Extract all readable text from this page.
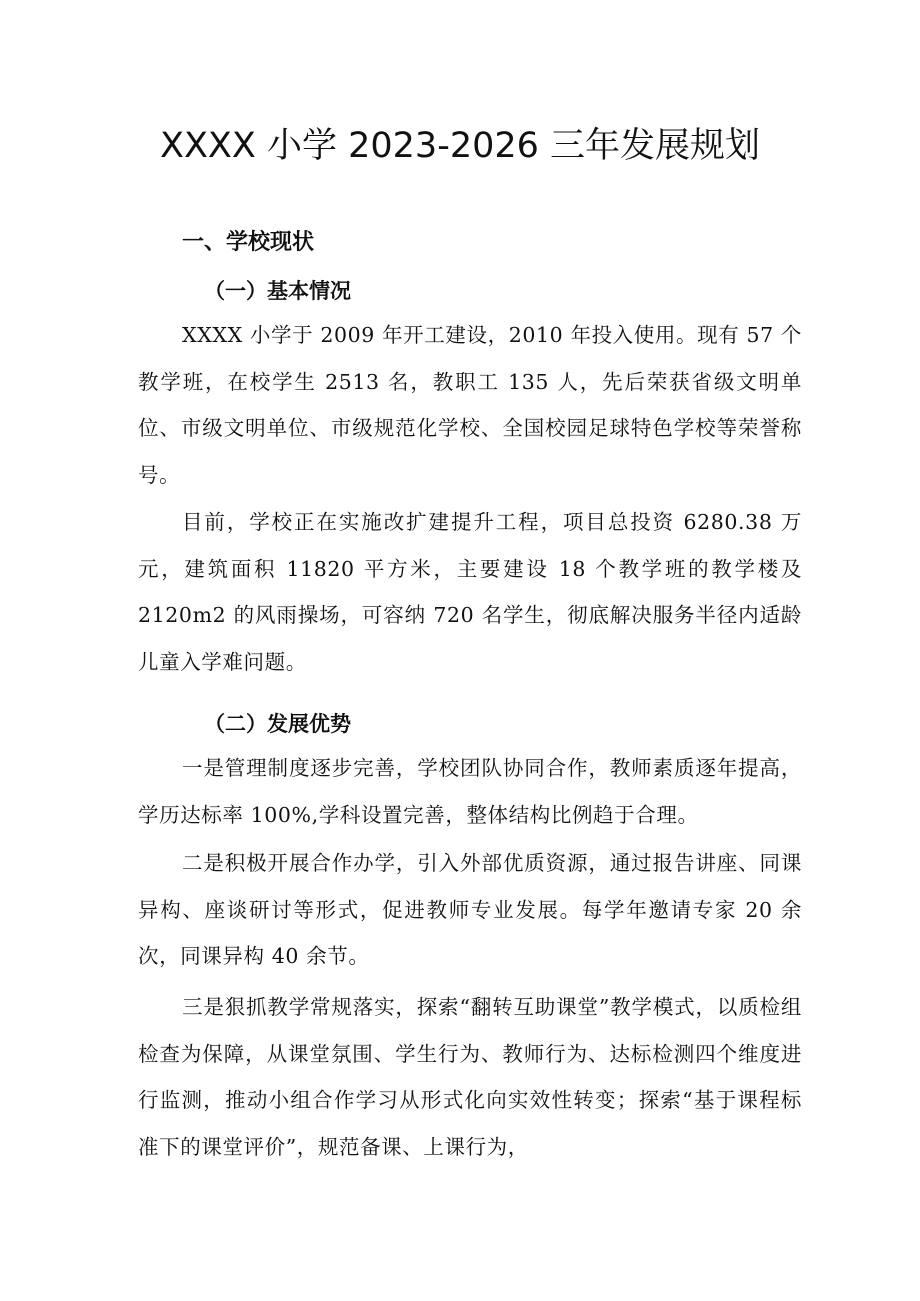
XXXX 小学 2023-2026 三年发展规划
一、学校现状
（一）基本情况

XXXX 小学于 2009 年开工建设，2010 年投入使用。现有 57 个教学班，在校学生 2513 名，教职工 135 人，先后荣获省级文明单位、市级文明单位、市级规范化学校、全国校园足球特色学校等荣誉称号。

目前，学校正在实施改扩建提升工程，项目总投资 6280.38 万元，建筑面积 11820 平方米，主要建设 18 个教学班的教学楼及 2120m2 的风雨操场，可容纳 720 名学生，彻底解决服务半径内适龄儿童入学难问题。

（二）发展优势

一是管理制度逐步完善，学校团队协同合作，教师素质逐年提高，学历达标率 100%,学科设置完善，整体结构比例趋于合理。

二是积极开展合作办学，引入外部优质资源，通过报告讲座、同课异构、座谈研讨等形式，促进教师专业发展。每学年邀请专家 20 余次，同课异构 40 余节。

三是狠抓教学常规落实，探索“翻转互助课堂”教学模式，以质检组检查为保障，从课堂氛围、学生行为、教师行为、达标检测四个维度进行监测，推动小组合作学习从形式化向实效性转变；探索“基于课程标准下的课堂评价”，规范备课、上课行为，
